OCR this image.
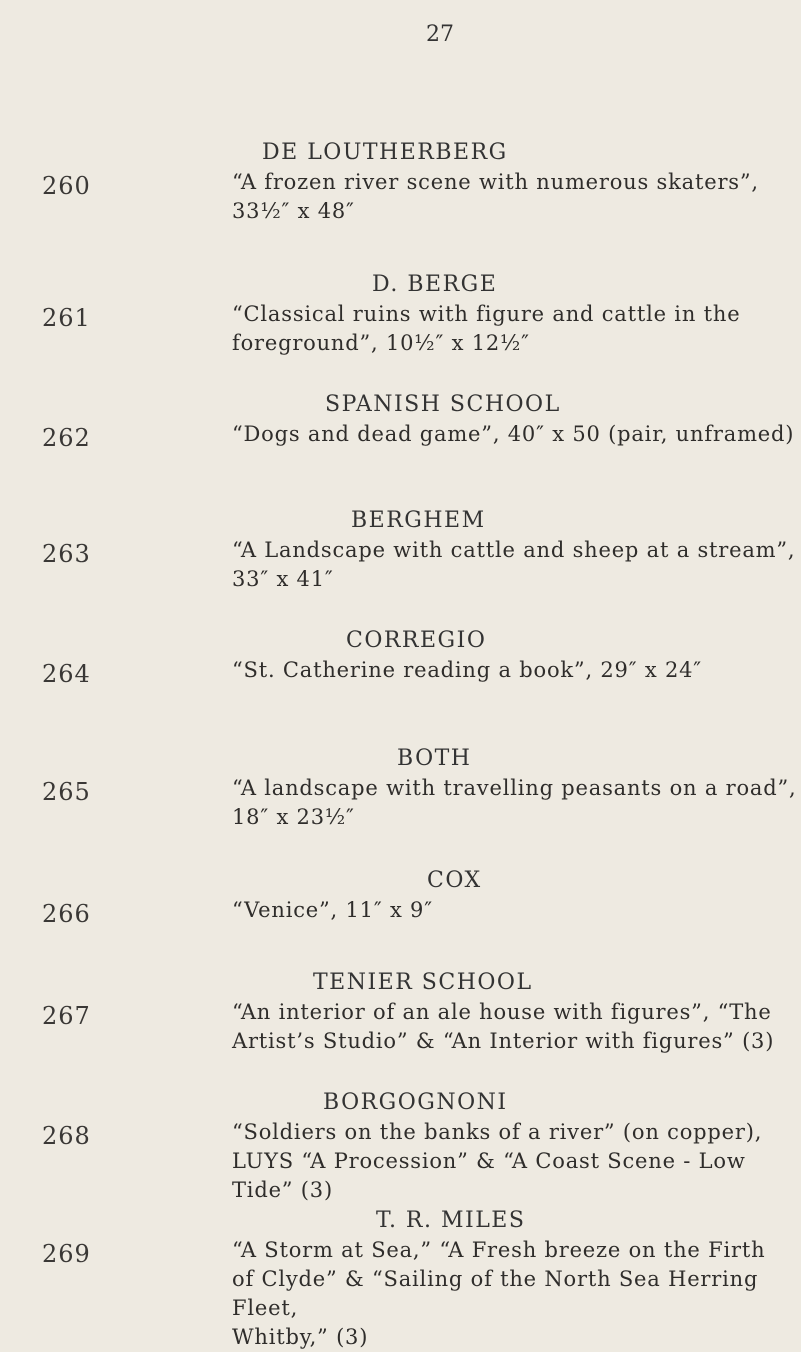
27
DE LOUTHERBERG
260	“A frozen river scene with numerous skaters”,
33½″ x 48″
D. BERGE
261	“Classical ruins with figure and cattle in the
foreground”, 10½″ x 12½″
SPANISH SCHOOL
262	“Dogs and dead game”, 40″ x 50 (pair, unframed)
BERGHEM
263	“A Landscape with cattle and sheep at a stream”,
33″ x 41″
CORREGIO
264	“St. Catherine reading a book”, 29″ x 24″
BOTH
265	“A landscape with travelling peasants on a road”,
18″ x 23½″
COX
266	“Venice”, 11″ x 9″
TENIER SCHOOL
267	“An interior of an ale house with figures”, “The
Artist’s Studio” & “An Interior with figures” (3)
BORGOGNONI
268	“Soldiers on the banks of a river” (on copper),
LUYS “A Procession” & “A Coast Scene - Low
Tide” (3)
T. R. MILES
269	“A Storm at Sea,” “A Fresh breeze on the Firth
of Clyde” & “Sailing of the North Sea Herring Fleet,
Whitby,” (3)
